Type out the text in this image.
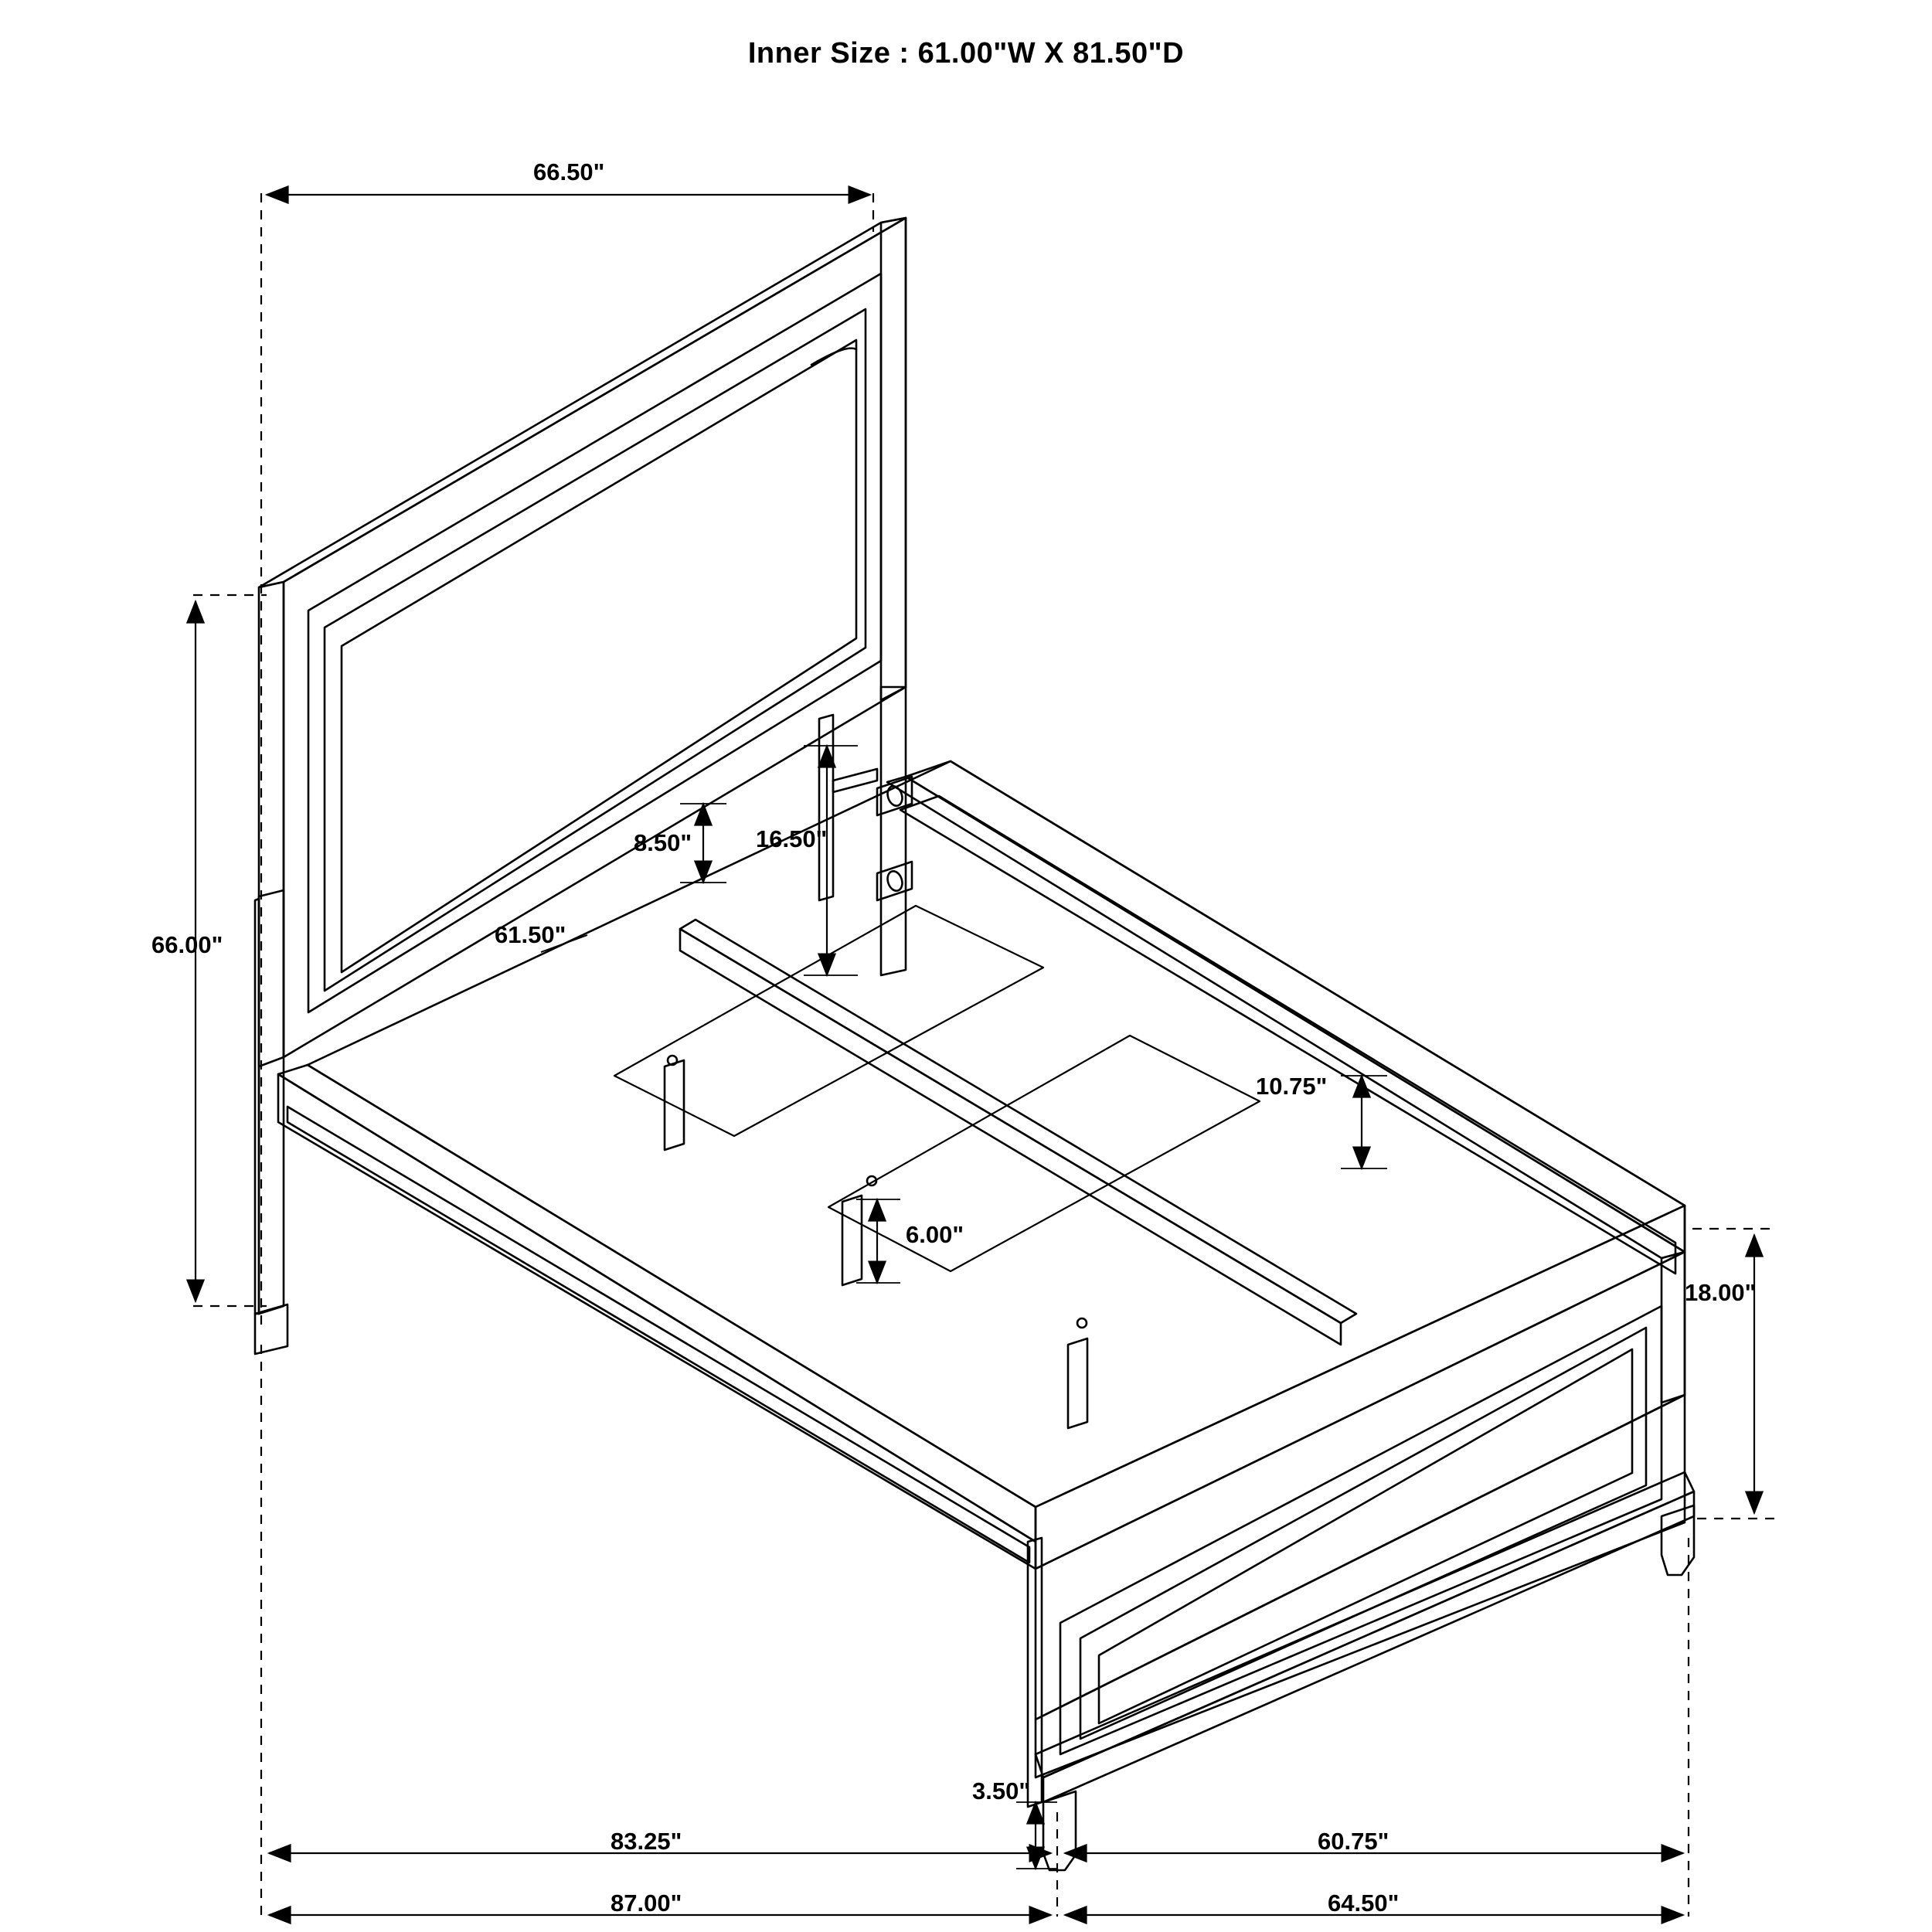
Inner Size : 61.00"W X 81.50"D
66.50"
66.00"
8.50"	16.50"
61.50"
10.75"
6.00"
18.00"
3.50"
83.25"	60.75"
87.00"	64.50"
